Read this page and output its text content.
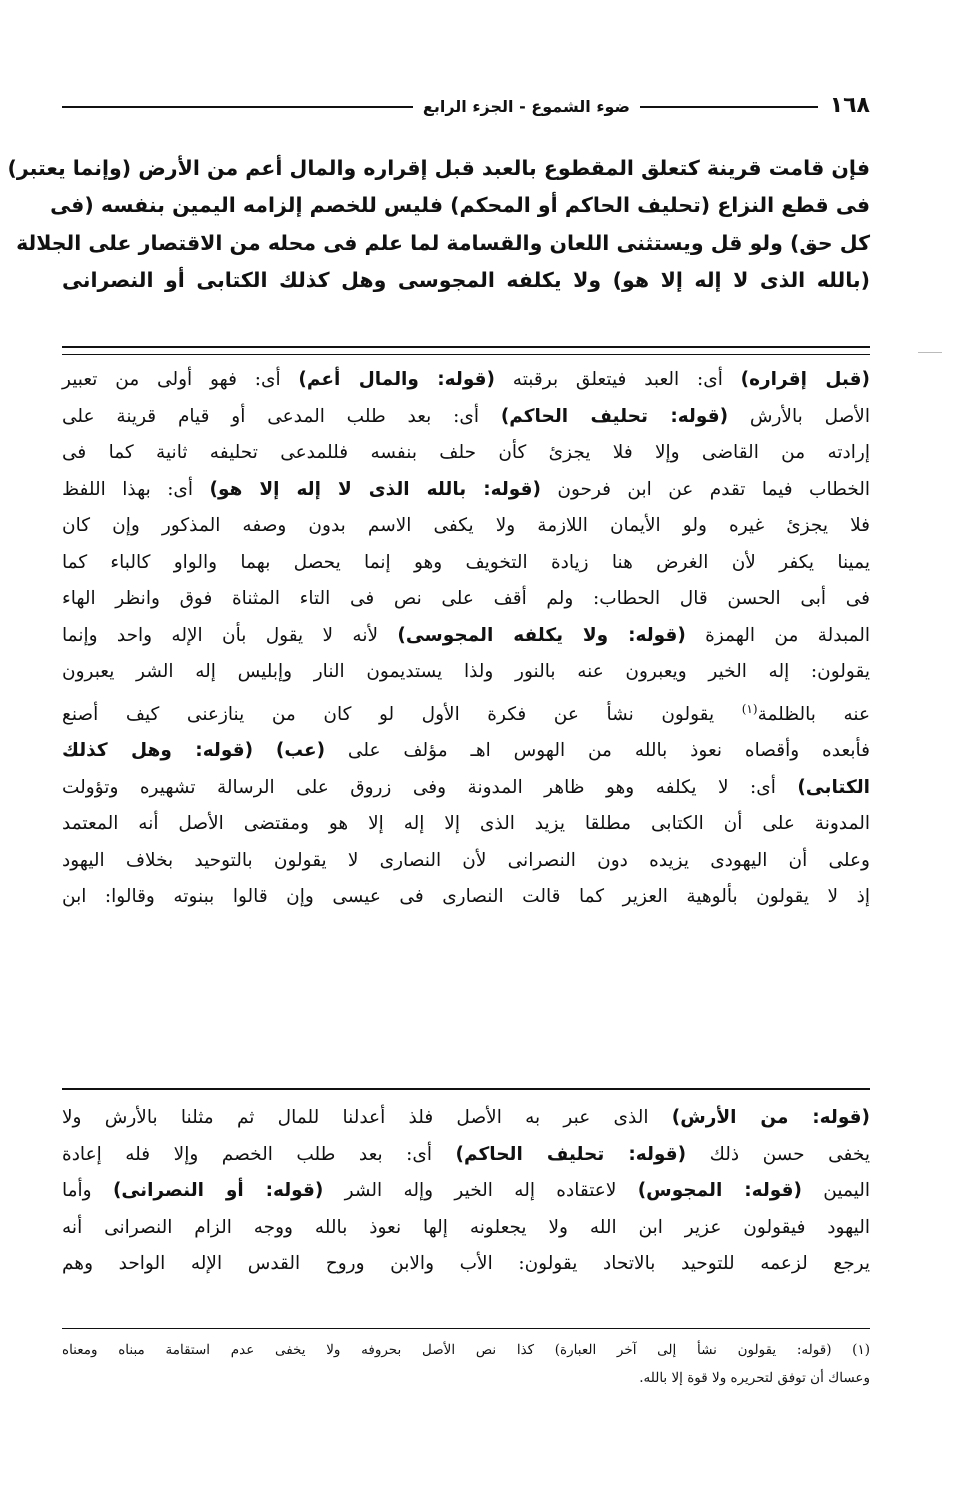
١٦٨
ضوء الشموع - الجزء الرابع
فإن قامت قرينة كتعلق المقطوع بالعبد قبل إقراره والمال أعم من الأرض (وإنما يعتبر)
فى قطع النزاع (تحليف الحاكم أو المحكم) فليس للخصم إلزامه اليمين بنفسه (فى
كل حق) ولو قل ويستثنى اللعان والقسامة لما علم فى محله من الاقتصار على الجلالة
(بالله الذى لا إله إلا هو) ولا يكلفه المجوسى وهل كذلك الكتابى أو النصرانى
(قبل إقراره) أى: العبد فيتعلق برقبته (قوله: والمال أعم) أى: فهو أولى من تعبير
الأصل بالأرش (قوله: تحليف الحاكم) أى: بعد طلب المدعى أو قيام قرينة على
إرادته من القاضى وإلا فلا يجزئ كأن حلف بنفسه فللمدعى تحليفه ثانية كما فى
الخطاب فيما تقدم عن ابن فرحون (قوله: بالله الذى لا إله إلا هو) أى: بهذا اللفظ
فلا يجزئ غيره ولو الأيمان اللازمة ولا يكفى الاسم بدون وصفه المذكور وإن كان
يمينا يكفر لأن الغرض هنا زيادة التخويف وهو إنما يحصل بهما والواو كالباء كما
فى أبى الحسن قال الحطاب: ولم أقف على نص فى التاء المثناة فوق وانظر الهاء
المبدلة من الهمزة (قوله: ولا يكلفه المجوسى) لأنه لا يقول بأن الإله واحد وإنما
يقولون: إله الخير ويعبرون عنه بالنور ولذا يستديمون النار وإبليس إله الشر يعبرون
عنه بالظلمة$^{(١)}$ يقولون نشأ عن فكرة الأول لو كان من ينازعنى كيف أصنع
فأبعده وأقصاه نعوذ بالله من الهوس اهـ مؤلف على (عب) (قوله: وهل كذلك
الكتابى) أى: لا يكلفه وهو ظاهر المدونة وفى زروق على الرسالة تشهيره وتؤولت
المدونة على أن الكتابى مطلقا يزيد الذى إلا إله إلا هو ومقتضى الأصل أنه المعتمد
وعلى أن اليهودى يزيده دون النصرانى لأن النصارى لا يقولون بالتوحيد بخلاف اليهود
إذ لا يقولون بألوهية العزير كما قالت النصارى فى عيسى وإن قالوا ببنوته وقالوا: ابن
(قوله: من الأرش) الذى عبر به الأصل فلذ أعدلنا للمال ثم مثلنا بالأرش ولا
يخفى حسن ذلك (قوله: تحليف الحاكم) أى: بعد طلب الخصم وإلا فله إعادة
اليمين (قوله: المجوس) لاعتقاده إله الخير وإله الشر (قوله: أو النصرانى) وأما
اليهود فيقولون عزير ابن الله ولا يجعلونه إلها نعوذ بالله ووجه الزام النصرانى أنه
يرجع لزعمه للتوحيد بالاتحاد يقولون: الأب والابن وروح القدس الإله الواحد وهم
(١) (قوله: يقولون نشأ إلى آخر العبارة) كذا نص الأصل بحروفه ولا يخفى عدم استقامة مبناه ومعناه
وعساك أن توفق لتحريره ولا قوة إلا بالله.
